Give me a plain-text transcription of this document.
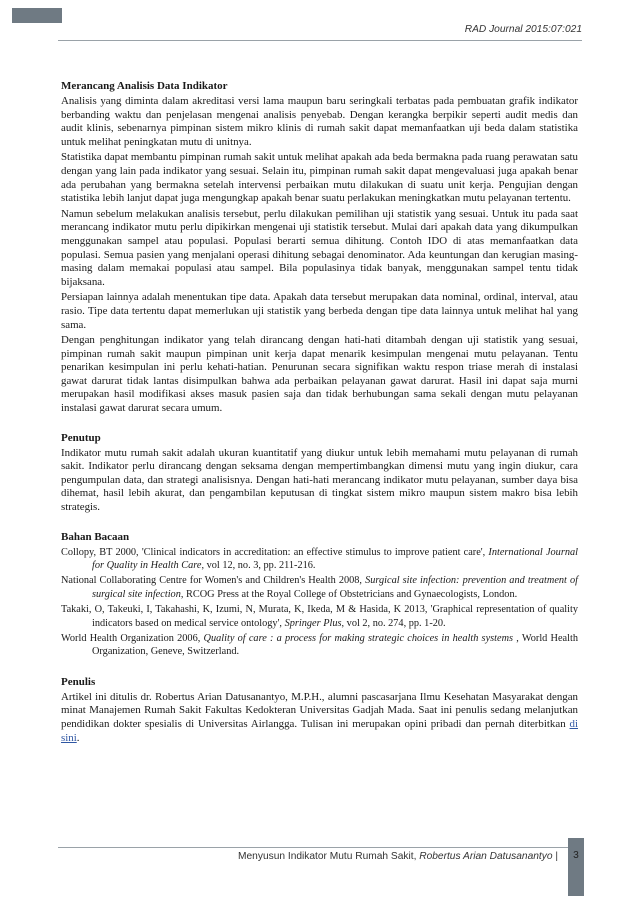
RAD Journal 2015:07:021
Merancang Analisis Data Indikator

Analisis yang diminta dalam akreditasi versi lama maupun baru seringkali terbatas pada pembuatan grafik indikator berbanding waktu dan penjelasan mengenai analisis penyebab. Dengan kerangka berpikir seperti audit medis dan audit klinis, sebenarnya pimpinan sistem mikro klinis di rumah sakit dapat memanfaatkan uji beda dalam statistika untuk melihat peningkatan mutu di unitnya.

Statistika dapat membantu pimpinan rumah sakit untuk melihat apakah ada beda bermakna pada ruang perawatan satu dengan yang lain pada indikator yang sesuai. Selain itu, pimpinan rumah sakit dapat mengevaluasi juga apakah benar ada perubahan yang bermakna setelah intervensi perbaikan mutu dilakukan di suatu unit kerja. Pengujian dengan statistika lebih lanjut dapat juga mengungkap apakah benar suatu perlakukan meningkatkan mutu pelayanan tertentu.

Namun sebelum melakukan analisis tersebut, perlu dilakukan pemilihan uji statistik yang sesuai. Untuk itu pada saat merancang indikator mutu perlu dipikirkan mengenai uji statistik tersebut. Mulai dari apakah data yang dikumpulkan menggunakan sampel atau populasi. Populasi berarti semua dihitung. Contoh IDO di atas memanfaatkan data populasi. Semua pasien yang menjalani operasi dihitung sebagai denominator. Ada keuntungan dan kerugian masing-masing dalam memakai populasi atau sampel. Bila populasinya tidak banyak, menggunakan sampel tentu tidak bijaksana.

Persiapan lainnya adalah menentukan tipe data. Apakah data tersebut merupakan data nominal, ordinal, interval, atau rasio. Tipe data tertentu dapat memerlukan uji statistik yang berbeda dengan tipe data lainnya untuk melihat hal yang sama.

Dengan penghitungan indikator yang telah dirancang dengan hati-hati ditambah dengan uji statistik yang sesuai, pimpinan rumah sakit maupun pimpinan unit kerja dapat menarik kesimpulan mengenai mutu pelayanan. Tentu penarikan kesimpulan ini perlu kehati-hatian. Penurunan secara signifikan waktu respon triase merah di instalasi gawat darurat tidak lantas disimpulkan bahwa ada perbaikan pelayanan gawat darurat. Hasil ini dapat saja murni merupakan hasil modifikasi akses masuk pasien saja dan tidak berhubungan sama sekali dengan mutu pelayanan instalasi gawat darurat secara umum.

Penutup

Indikator mutu rumah sakit adalah ukuran kuantitatif yang diukur untuk lebih memahami mutu pelayanan di rumah sakit. Indikator perlu dirancang dengan seksama dengan mempertimbangkan dimensi mutu yang ingin diukur, cara pengumpulan data, dan strategi analisisnya. Dengan hati-hati merancang indikator mutu pelayanan, sumber daya bisa dihemat, hasil lebih akurat, dan pengambilan keputusan di tingkat sistem mikro maupun sistem makro bisa lebih strategis.

Bahan Bacaan
Collopy, BT 2000, 'Clinical indicators in accreditation: an effective stimulus to improve patient care', International Journal for Quality in Health Care, vol 12, no. 3, pp. 211-216.
National Collaborating Centre for Women's and Children's Health 2008, Surgical site infection: prevention and treatment of surgical site infection, RCOG Press at the Royal College of Obstetricians and Gynaecologists, London.
Takaki, O, Takeuki, I, Takahashi, K, Izumi, N, Murata, K, Ikeda, M & Hasida, K 2013, 'Graphical representation of quality indicators based on medical service ontology', Springer Plus, vol 2, no. 274, pp. 1-20.
World Health Organization 2006, Quality of care : a process for making strategic choices in health systems , World Health Organization, Geneve, Switzerland.
Penulis

Artikel ini ditulis dr. Robertus Arian Datusanantyo, M.P.H., alumni pascasarjana Ilmu Kesehatan Masyarakat dengan minat Manajemen Rumah Sakit Fakultas Kedokteran Universitas Gadjah Mada. Saat ini penulis sedang melanjutkan pendidikan dokter spesialis di Universitas Airlangga. Tulisan ini merupakan opini pribadi dan pernah diterbitkan di sini.

Menyusun Indikator Mutu Rumah Sakit, Robertus Arian Datusanantyo |	3
